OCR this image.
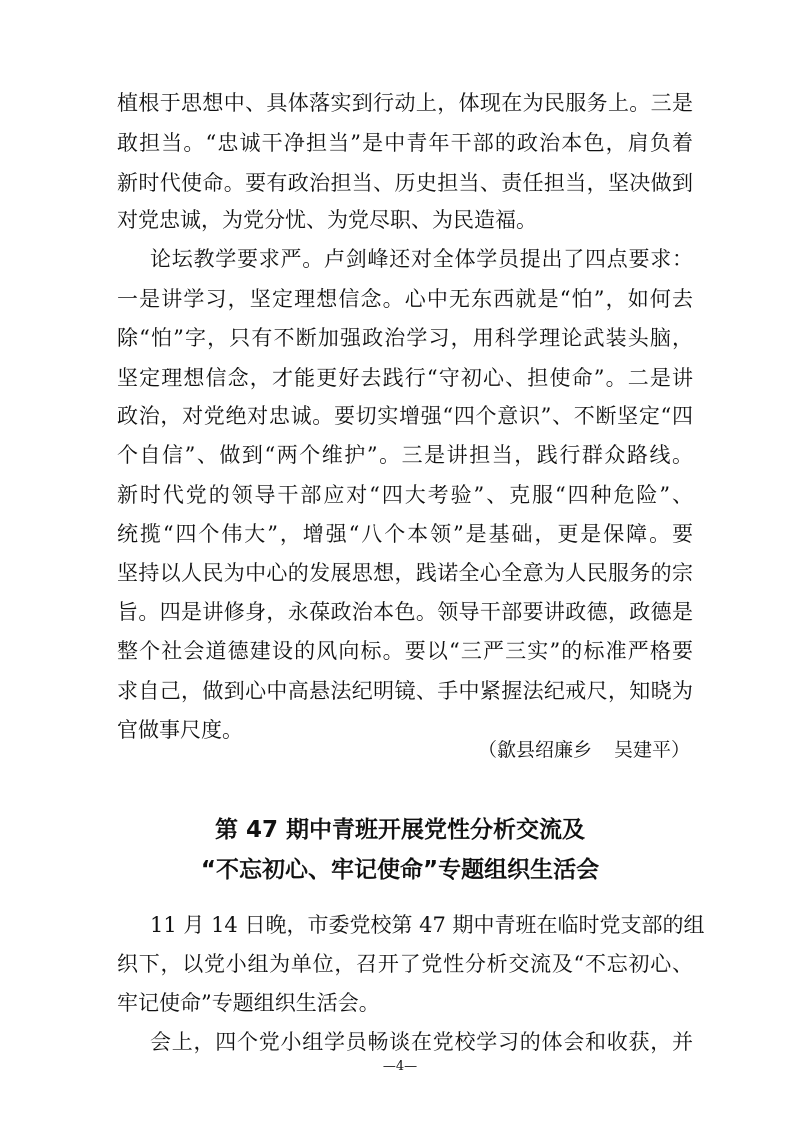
植根于思想中、具体落实到行动上，体现在为民服务上。三是

敢担当。“忠诚干净担当”是中青年干部的政治本色，肩负着

新时代使命。要有政治担当、历史担当、责任担当，坚决做到

对党忠诚，为党分忧、为党尽职、为民造福。

论坛教学要求严。卢剑峰还对全体学员提出了四点要求：

一是讲学习，坚定理想信念。心中无东西就是“怕”，如何去

除“怕”字，只有不断加强政治学习，用科学理论武装头脑，

坚定理想信念，才能更好去践行“守初心、担使命”。二是讲

政治，对党绝对忠诚。要切实增强“四个意识”、不断坚定“四

个自信”、做到“两个维护”。三是讲担当，践行群众路线。

新时代党的领导干部应对“四大考验”、克服“四种危险”、

统揽“四个伟大”，增强“八个本领”是基础，更是保障。要

坚持以人民为中心的发展思想，践诺全心全意为人民服务的宗

旨。四是讲修身，永葆政治本色。领导干部要讲政德，政德是

整个社会道德建设的风向标。要以“三严三实”的标准严格要

求自己，做到心中高悬法纪明镜、手中紧握法纪戒尺，知晓为

官做事尺度。

（歙县绍廉乡 吴建平）
第 47 期中青班开展党性分析交流及
“不忘初心、牢记使命”专题组织生活会

11 月 14 日晚，市委党校第 47 期中青班在临时党支部的组

织下，以党小组为单位，召开了党性分析交流及“不忘初心、

牢记使命”专题组织生活会。

会上，四个党小组学员畅谈在党校学习的体会和收获，并

—4—
